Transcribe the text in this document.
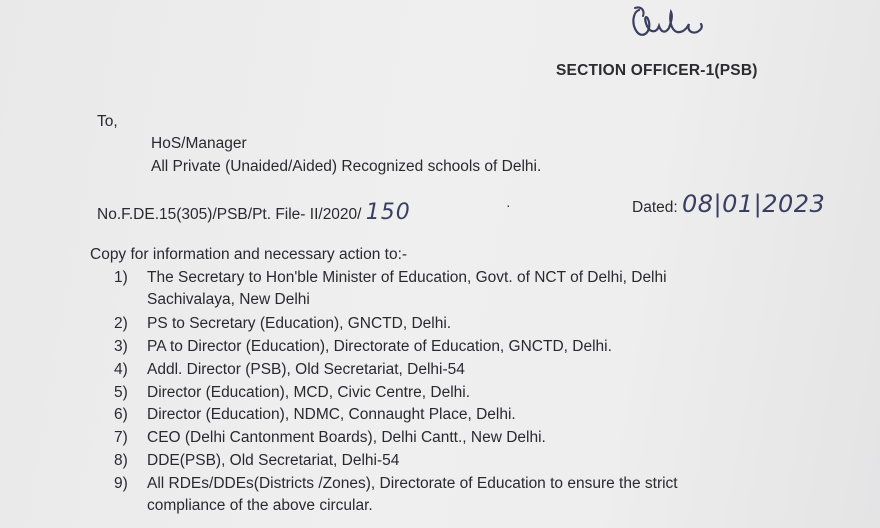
SECTION OFFICER-1(PSB)
To,
HoS/Manager
All Private (Unaided/Aided) Recognized schools of Delhi.
No.F.DE.15(305)/PSB/Pt. File- II/2020/ 150	·	Dated: 08|01|2023
Copy for information and necessary action to:-
1) The Secretary to Hon'ble Minister of Education, Govt. of NCT of Delhi, Delhi
Sachivalaya, New Delhi
2) PS to Secretary (Education), GNCTD, Delhi.
3) PA to Director (Education), Directorate of Education, GNCTD, Delhi.
4) Addl. Director (PSB), Old Secretariat, Delhi-54
5) Director (Education), MCD, Civic Centre, Delhi.
6) Director (Education), NDMC, Connaught Place, Delhi.
7) CEO (Delhi Cantonment Boards), Delhi Cantt., New Delhi.
8) DDE(PSB), Old Secretariat, Delhi-54
9) All RDEs/DDEs(Districts /Zones), Directorate of Education to ensure the strict
compliance of the above circular.
